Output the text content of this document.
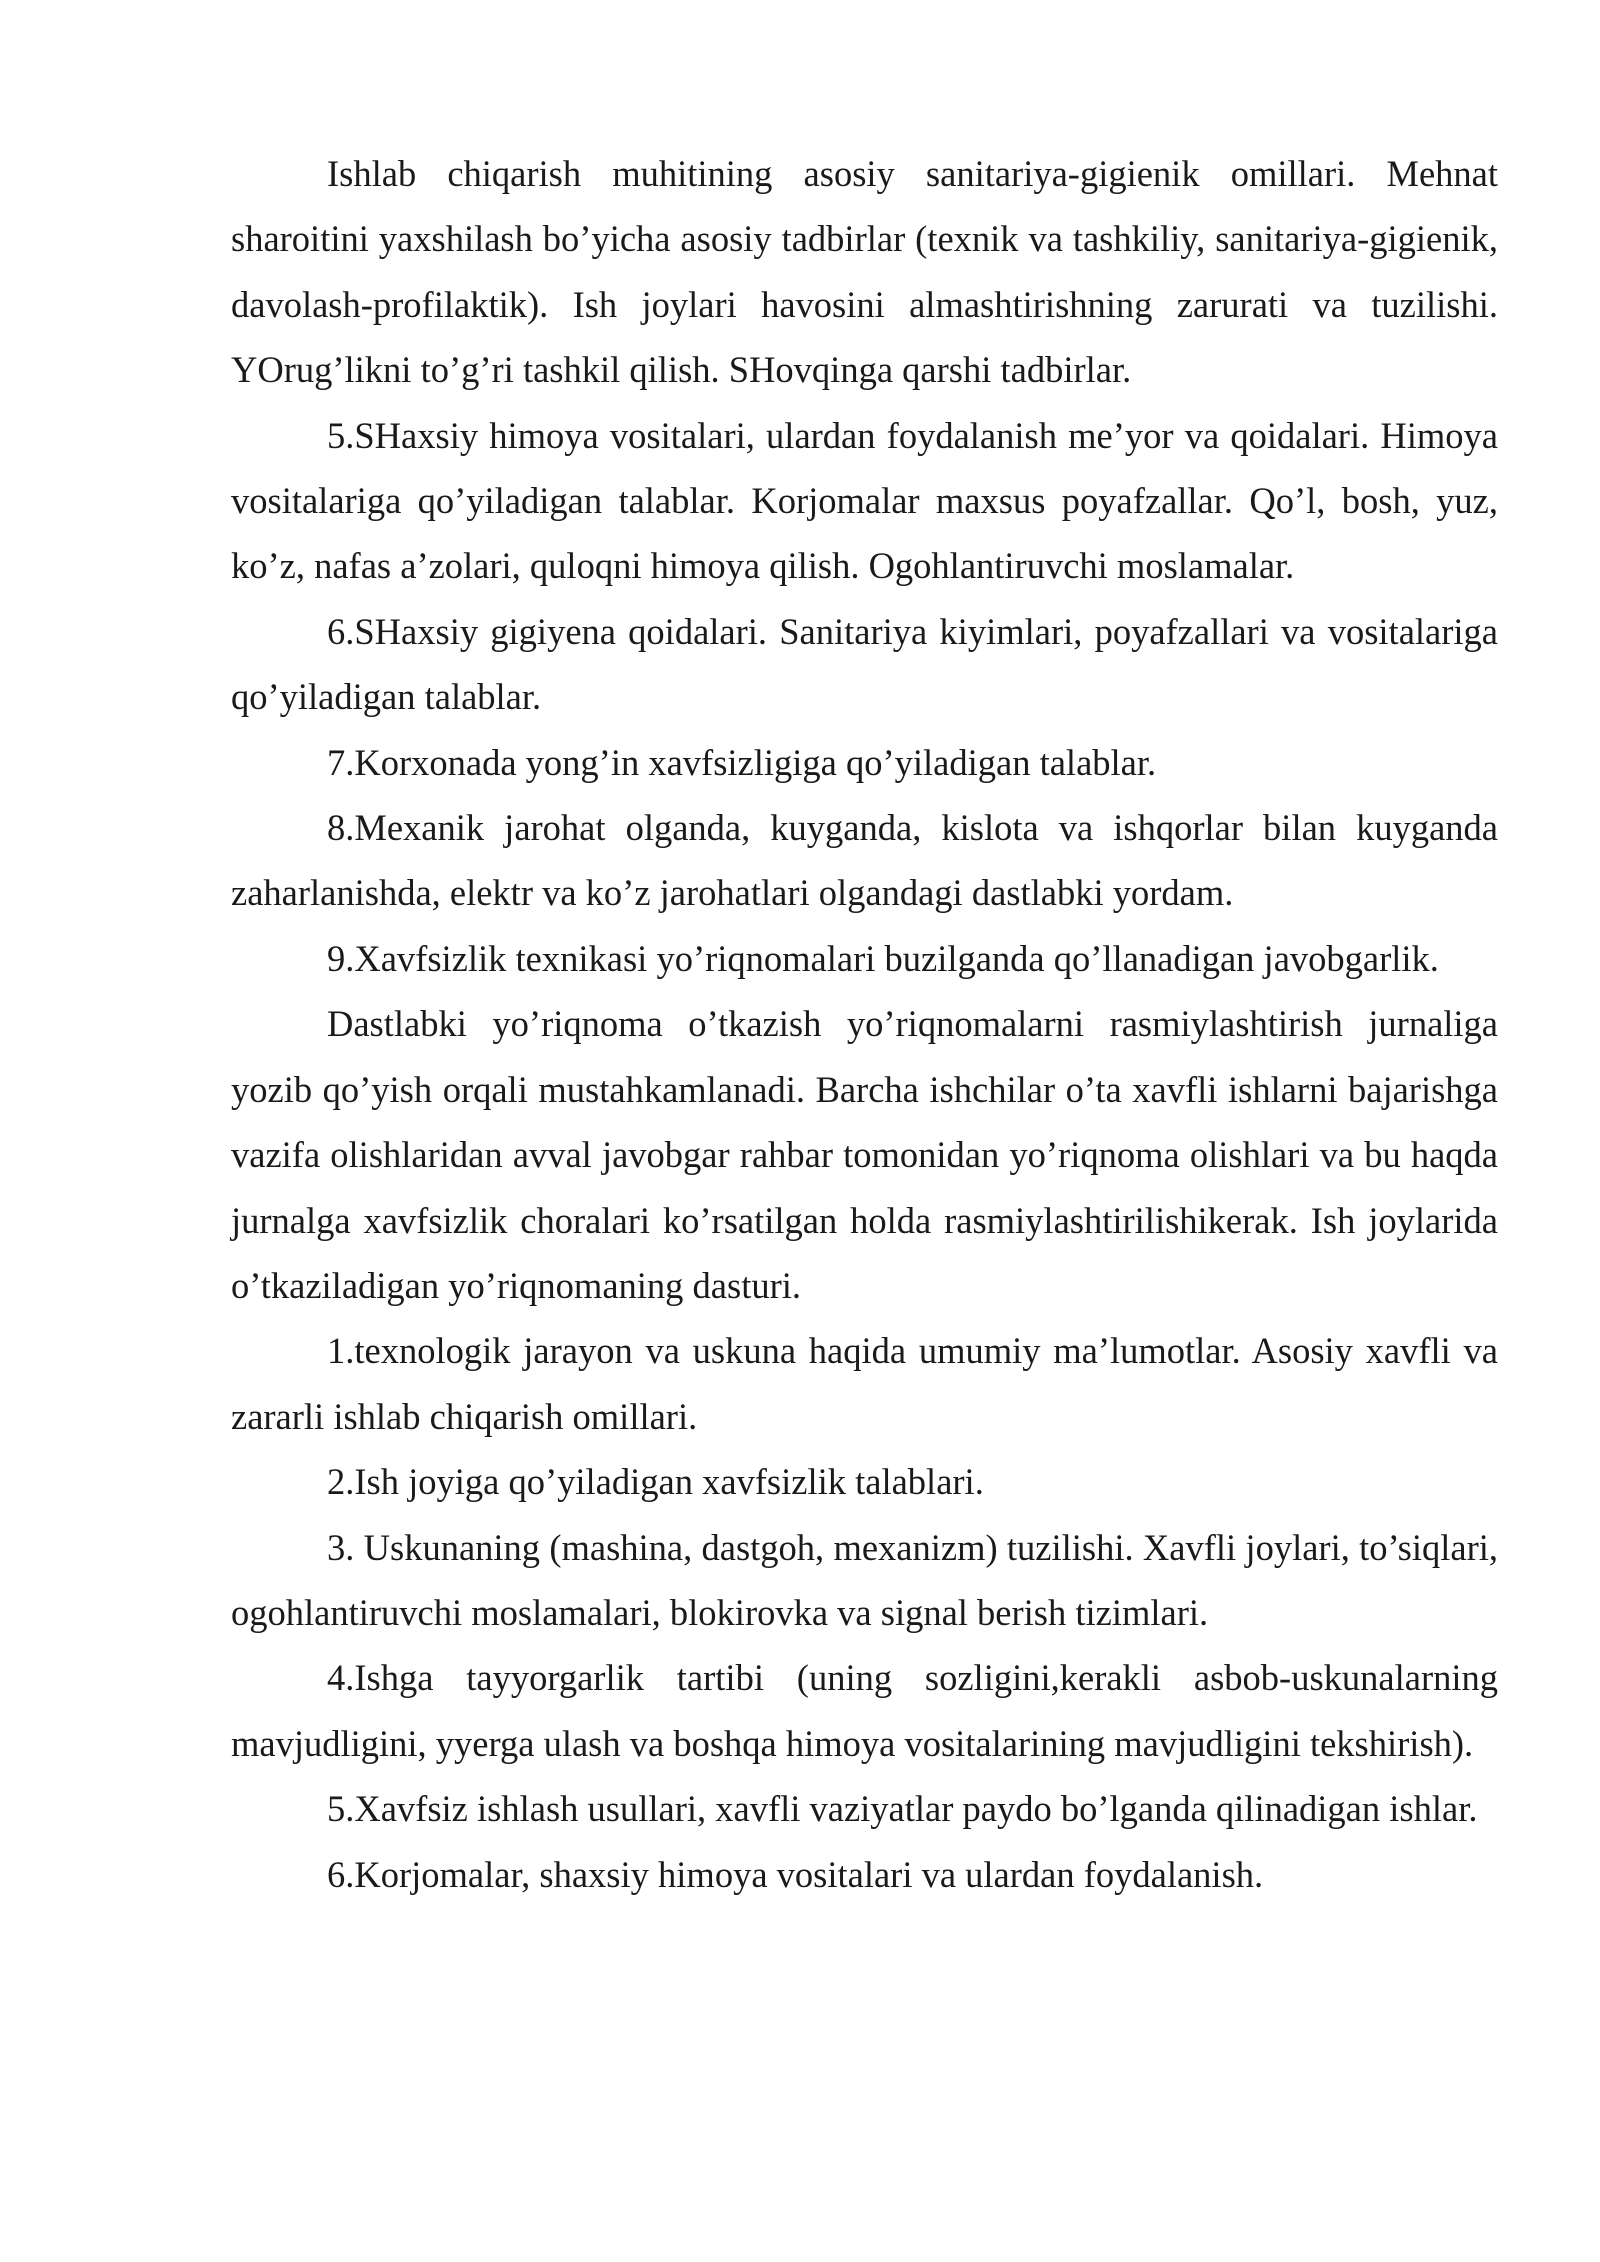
Ishlab chiqarish muhitining asosiy sanitariya-gigienik omillari. Mehnat sharoitini yaxshilash bo’yicha asosiy tadbirlar (texnik va tashkiliy, sanitariya-gigienik, davolash-profilaktik). Ish joylari havosini almashtirishning zarurati va tuzilishi. YOrug’likni to’g’ri tashkil qilish. SHovqinga qarshi tadbirlar.

5.SHaxsiy himoya vositalari, ulardan foydalanish me’yor va qoidalari. Himoya vositalariga qo’yiladigan talablar. Korjomalar maxsus poyafzallar. Qo’l, bosh, yuz, ko’z, nafas a’zolari, quloqni himoya qilish. Ogohlantiruvchi moslamalar.

6.SHaxsiy gigiyena qoidalari. Sanitariya kiyimlari, poyafzallari va vositalariga qo’yiladigan talablar.

7.Korxonada yong’in xavfsizligiga qo’yiladigan talablar.

8.Mexanik jarohat olganda, kuyganda, kislota va ishqorlar bilan kuyganda zaharlanishda, elektr va ko’z jarohatlari olgandagi dastlabki yordam.

9.Xavfsizlik texnikasi yo’riqnomalari buzilganda qo’llanadigan javobgarlik.

Dastlabki yo’riqnoma o’tkazish yo’riqnomalarni rasmiylashtirish jurnaliga yozib qo’yish orqali mustahkamlanadi. Barcha ishchilar o’ta xavfli ishlarni bajarishga vazifa olishlaridan avval javobgar rahbar tomonidan yo’riqnoma olishlari va bu haqda jurnalga xavfsizlik choralari ko’rsatilgan holda rasmiylashtirilishikerak. Ish joylarida o’tkaziladigan yo’riqnomaning dasturi.

1.texnologik jarayon va uskuna haqida umumiy ma’lumotlar. Asosiy xavfli va zararli ishlab chiqarish omillari.

2.Ish joyiga qo’yiladigan xavfsizlik talablari.

3. Uskunaning (mashina, dastgoh, mexanizm) tuzilishi. Xavfli joylari, to’siqlari, ogohlantiruvchi moslamalari, blokirovka va signal berish tizimlari.

4.Ishga tayyorgarlik tartibi (uning sozligini,kerakli asbob-uskunalarning mavjudligini, yyerga ulash va boshqa himoya vositalarining mavjudligini tekshirish).

5.Xavfsiz ishlash usullari, xavfli vaziyatlar paydo bo’lganda qilinadigan ishlar.

6.Korjomalar, shaxsiy himoya vositalari va ulardan foydalanish.
